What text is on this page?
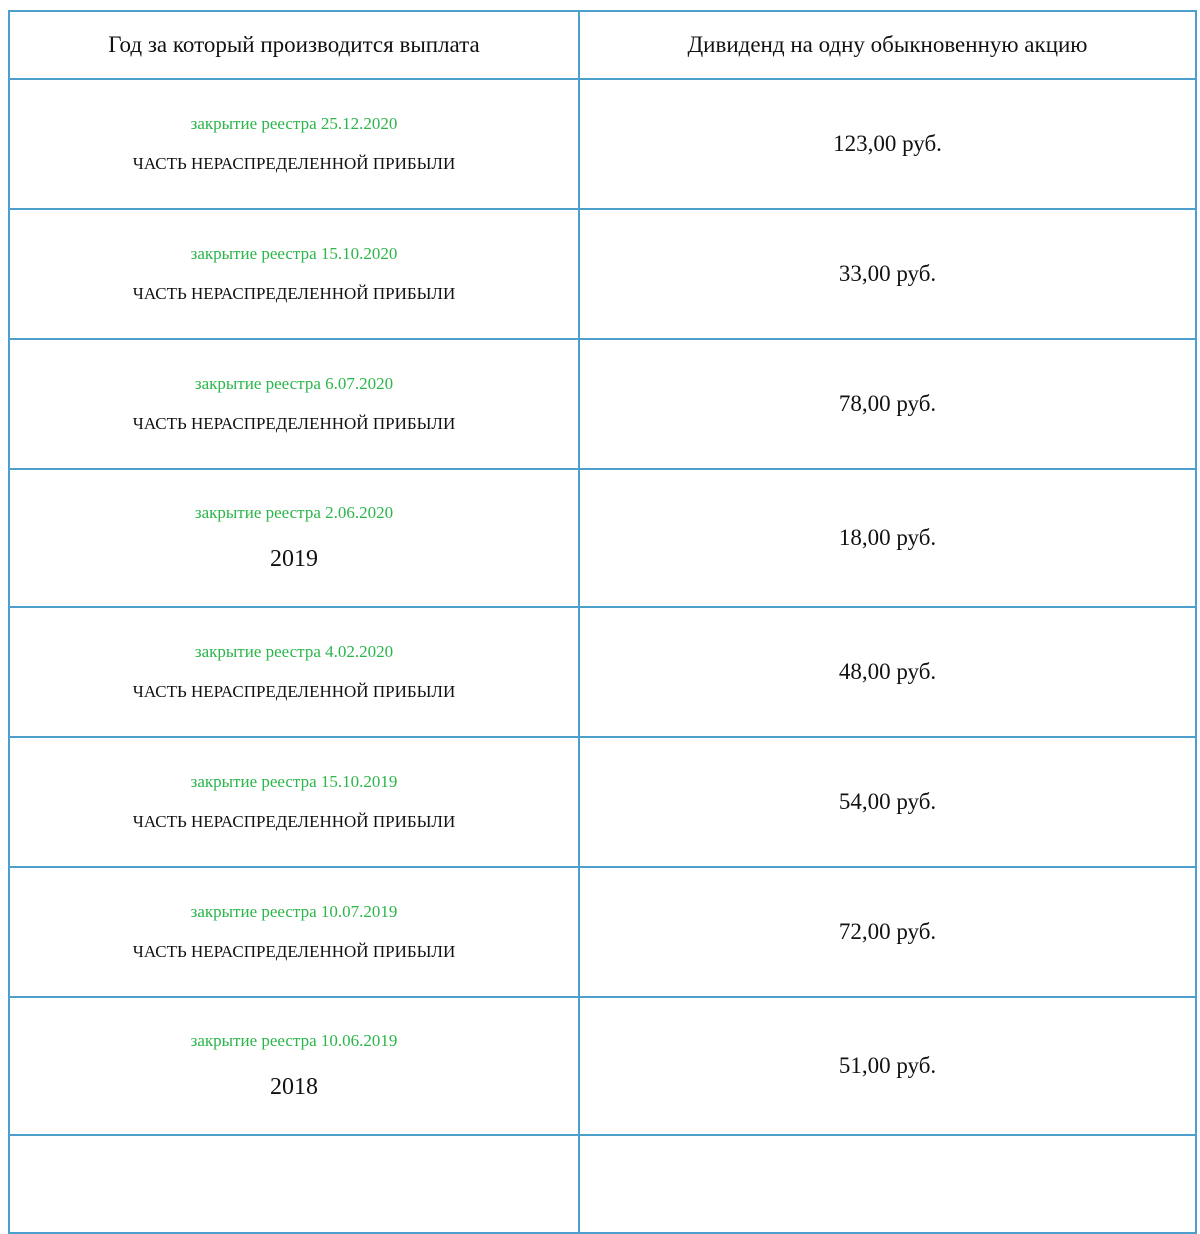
Год за который производится выплата	Дивиденд на одну обыкновенную акцию

закрытие реестра 25.12.2020
ЧАСТЬ НЕРАСПРЕДЕЛЕННОЙ ПРИБЫЛИ	123,00 руб.

закрытие реестра 15.10.2020
ЧАСТЬ НЕРАСПРЕДЕЛЕННОЙ ПРИБЫЛИ	33,00 руб.

закрытие реестра 6.07.2020
ЧАСТЬ НЕРАСПРЕДЕЛЕННОЙ ПРИБЫЛИ	78,00 руб.

закрытие реестра 2.06.2020
2019	18,00 руб.

закрытие реестра 4.02.2020
ЧАСТЬ НЕРАСПРЕДЕЛЕННОЙ ПРИБЫЛИ	48,00 руб.

закрытие реестра 15.10.2019
ЧАСТЬ НЕРАСПРЕДЕЛЕННОЙ ПРИБЫЛИ	54,00 руб.

закрытие реестра 10.07.2019
ЧАСТЬ НЕРАСПРЕДЕЛЕННОЙ ПРИБЫЛИ	72,00 руб.

закрытие реестра 10.06.2019
2018	51,00 руб.
